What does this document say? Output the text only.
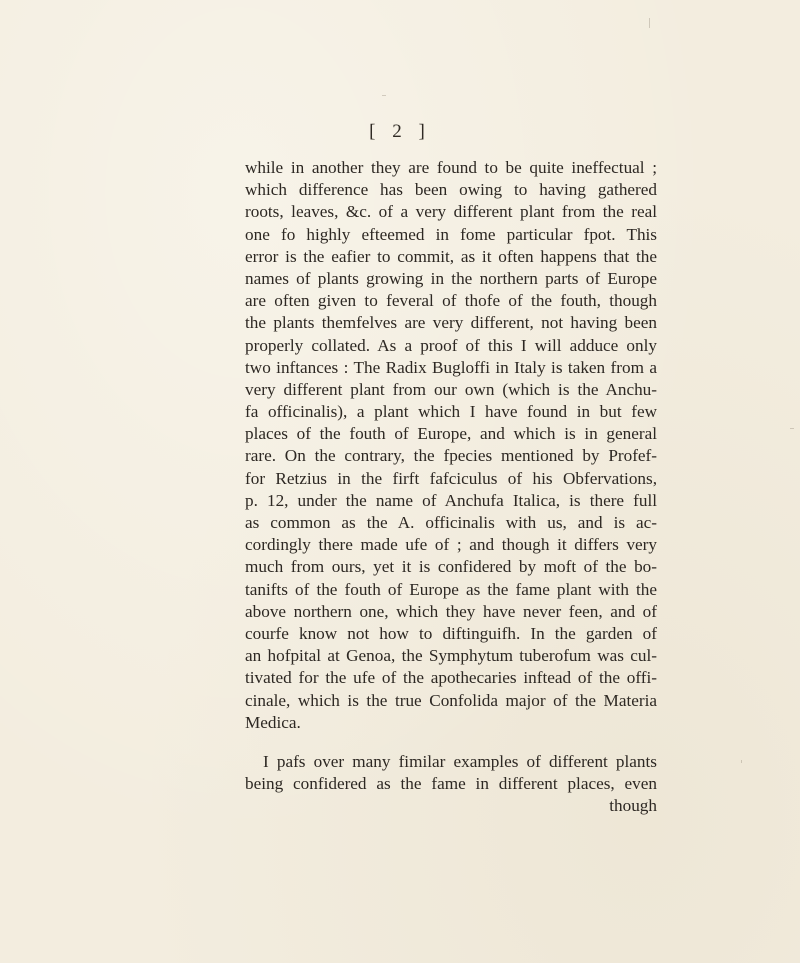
[ 2 ]
while in another they are found to be quite ineffectual ;
which difference has been owing to having gathered
roots, leaves, &c. of a very different plant from the real
one fo highly efteemed in fome particular fpot. This
error is the eafier to commit, as it often happens that the
names of plants growing in the northern parts of Europe
are often given to feveral of thofe of the fouth, though
the plants themfelves are very different, not having been
properly collated. As a proof of this I will adduce only
two inftances : The Radix Bugloffi in Italy is taken from a
very different plant from our own (which is the Anchu-
fa officinalis), a plant which I have found in but few
places of the fouth of Europe, and which is in general
rare. On the contrary, the fpecies mentioned by Profef-
for Retzius in the firft fafciculus of his Obfervations,
p. 12, under the name of Anchufa Italica, is there full
as common as the A. officinalis with us, and is ac-
cordingly there made ufe of ; and though it differs very
much from ours, yet it is confidered by moft of the bo-
tanifts of the fouth of Europe as the fame plant with the
above northern one, which they have never feen, and of
courfe know not how to diftinguifh. In the garden of
an hofpital at Genoa, the Symphytum tuberofum was cul-
tivated for the ufe of the apothecaries inftead of the offi-
cinale, which is the true Confolida major of the Materia
Medica.
I pafs over many fimilar examples of different plants
being confidered as the fame in different places, even
though
